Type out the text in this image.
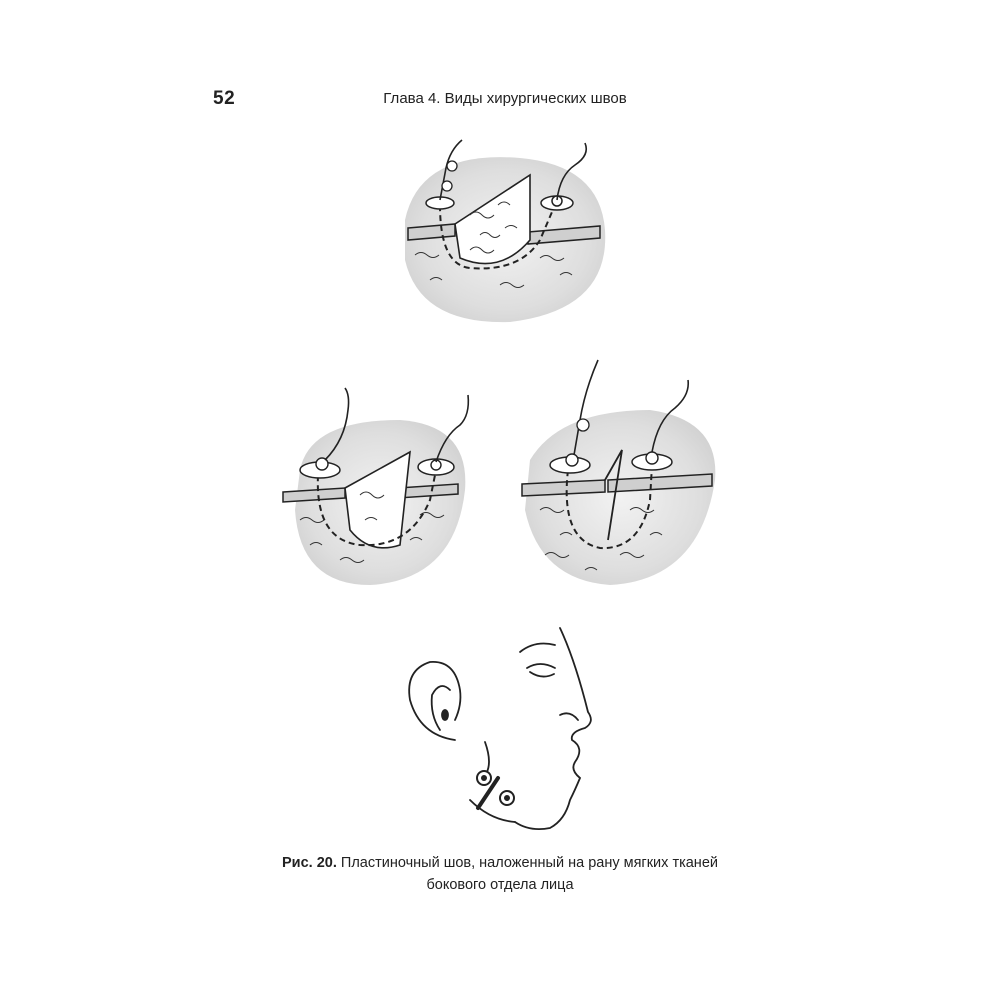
52	Глава 4. Виды хирургических швов
Рис. 20. Пластиночный шов, наложенный на рану мягких тканей
бокового отдела лица
